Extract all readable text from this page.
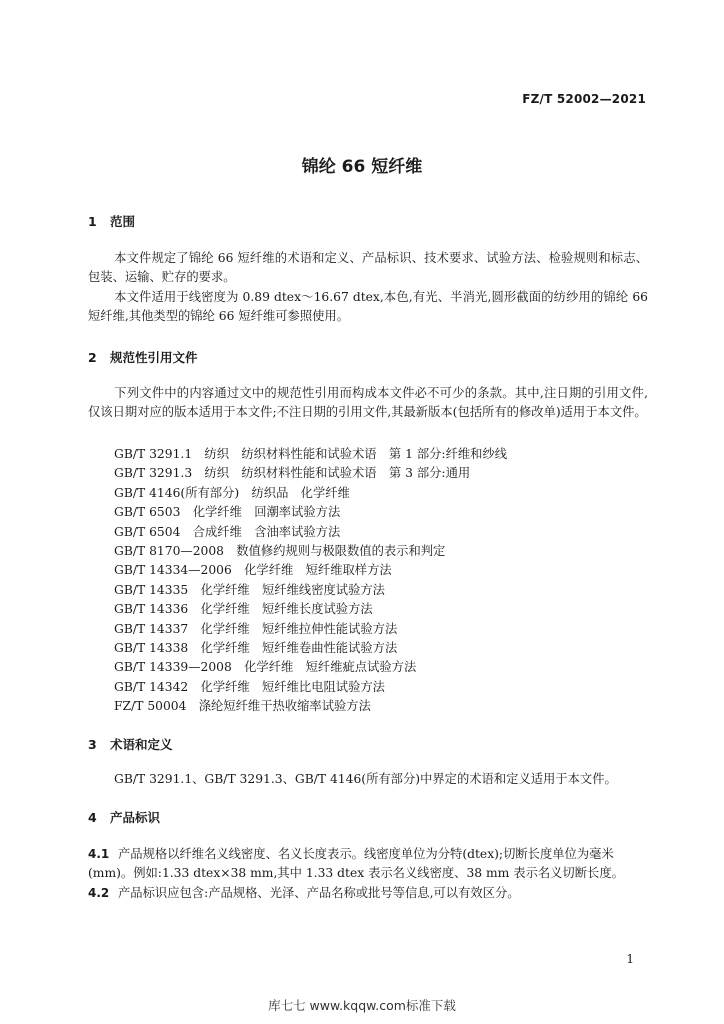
FZ/T 52002—2021
锦纶 66 短纤维
1 范围
本文件规定了锦纶 66 短纤维的术语和定义、产品标识、技术要求、试验方法、检验规则和标志、包装、运输、贮存的要求。
本文件适用于线密度为 0.89 dtex～16.67 dtex,本色,有光、半消光,圆形截面的纺纱用的锦纶 66 短纤维,其他类型的锦纶 66 短纤维可参照使用。
2 规范性引用文件
下列文件中的内容通过文中的规范性引用而构成本文件必不可少的条款。其中,注日期的引用文件,仅该日期对应的版本适用于本文件;不注日期的引用文件,其最新版本(包括所有的修改单)适用于本文件。
GB/T 3291.1　纺织　纺织材料性能和试验术语　第 1 部分:纤维和纱线
GB/T 3291.3　纺织　纺织材料性能和试验术语　第 3 部分:通用
GB/T 4146(所有部分)　纺织品　化学纤维
GB/T 6503　化学纤维　回潮率试验方法
GB/T 6504　合成纤维　含油率试验方法
GB/T 8170—2008　数值修约规则与极限数值的表示和判定
GB/T 14334—2006　化学纤维　短纤维取样方法
GB/T 14335　化学纤维　短纤维线密度试验方法
GB/T 14336　化学纤维　短纤维长度试验方法
GB/T 14337　化学纤维　短纤维拉伸性能试验方法
GB/T 14338　化学纤维　短纤维卷曲性能试验方法
GB/T 14339—2008　化学纤维　短纤维疵点试验方法
GB/T 14342　化学纤维　短纤维比电阻试验方法
FZ/T 50004　涤纶短纤维干热收缩率试验方法
3 术语和定义
GB/T 3291.1、GB/T 3291.3、GB/T 4146(所有部分)中界定的术语和定义适用于本文件。
4 产品标识
4.1 产品规格以纤维名义线密度、名义长度表示。线密度单位为分特(dtex);切断长度单位为毫米(mm)。例如:1.33 dtex×38 mm,其中 1.33 dtex 表示名义线密度、38 mm 表示名义切断长度。
4.2 产品标识应包含:产品规格、光泽、产品名称或批号等信息,可以有效区分。
1
库七七 www.kqqw.com标准下载
